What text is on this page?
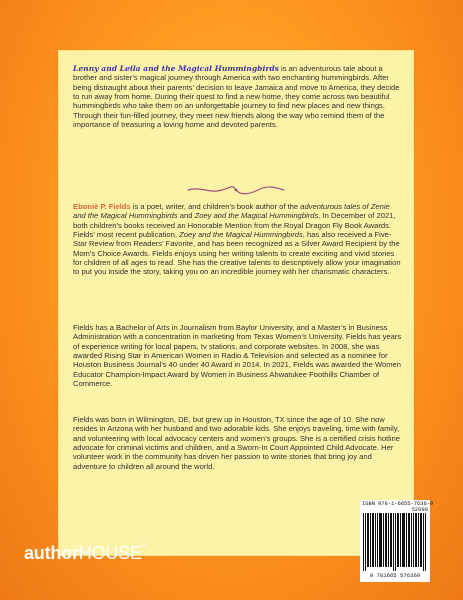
Lenny and Leila and the Magical Hummingbirds is an adventurous tale about a brother and sister’s magical journey through America with two enchanting hummingbirds. After being distraught about their parents’ decision to leave Jamaica and move to America, they decide to run away from home. During their quest to find a new home, they come across two beautiful hummingbirds who take them on an unforgettable journey to find new places and new things. Through their fun-filled journey, they meet new friends along the way who remind them of the importance of treasuring a loving home and devoted parents.

Eboniè P. Fields is a poet, writer, and children’s book author of the adventurous tales of Zenie and the Magical Hummingbirds and Zoey and the Magical Hummingbirds. In December of 2021, both children’s books received an Honorable Mention from the Royal Dragon Fly Book Awards. Fields’ most recent publication, Zoey and the Magical Hummingbirds, has also received a Five-Star Review from Readers’ Favorite, and has been recognized as a Silver Award Recipient by the Mom’s Choice Awards. Fields enjoys using her writing talents to create exciting and vivid stories for children of all ages to read. She has the creative talents to descriptively allow your imagination to put you inside the story, taking you on an incredible journey with her charismatic characters.

Fields has a Bachelor of Arts in Journalism from Baylor University, and a Master’s in Business Administration with a concentration in marketing from Texas Women’s University. Fields has years of experience writing for local papers, tv stations, and corporate websites. In 2008, she was awarded Rising Star in American Women in Radio & Television and selected as a nominee for Houston Business Journal’s 40 under 40 Award in 2014. In 2021, Fields was awarded the Women Educator Champion-Impact Award by Women in Business Ahwatukee Foothills Chamber of Commerce.

Fields was born in Wilmington, DE, but grew up in Houston, TX since the age of 10. She now resides in Arizona with her husband and two adorable kids. She enjoys traveling, time with family, and volunteering with local advocacy centers and women’s groups. She is a certified crisis hotline advocate for criminal victims and children, and a Sworn-In Court Appointed Child Advocate. Her volunteer work in the community has driven her passion to write stories that bring joy and adventure to children all around the world.

ISBN 978-1-6655-7636-9
52099
9 781665 576369
authorHOUSE®
